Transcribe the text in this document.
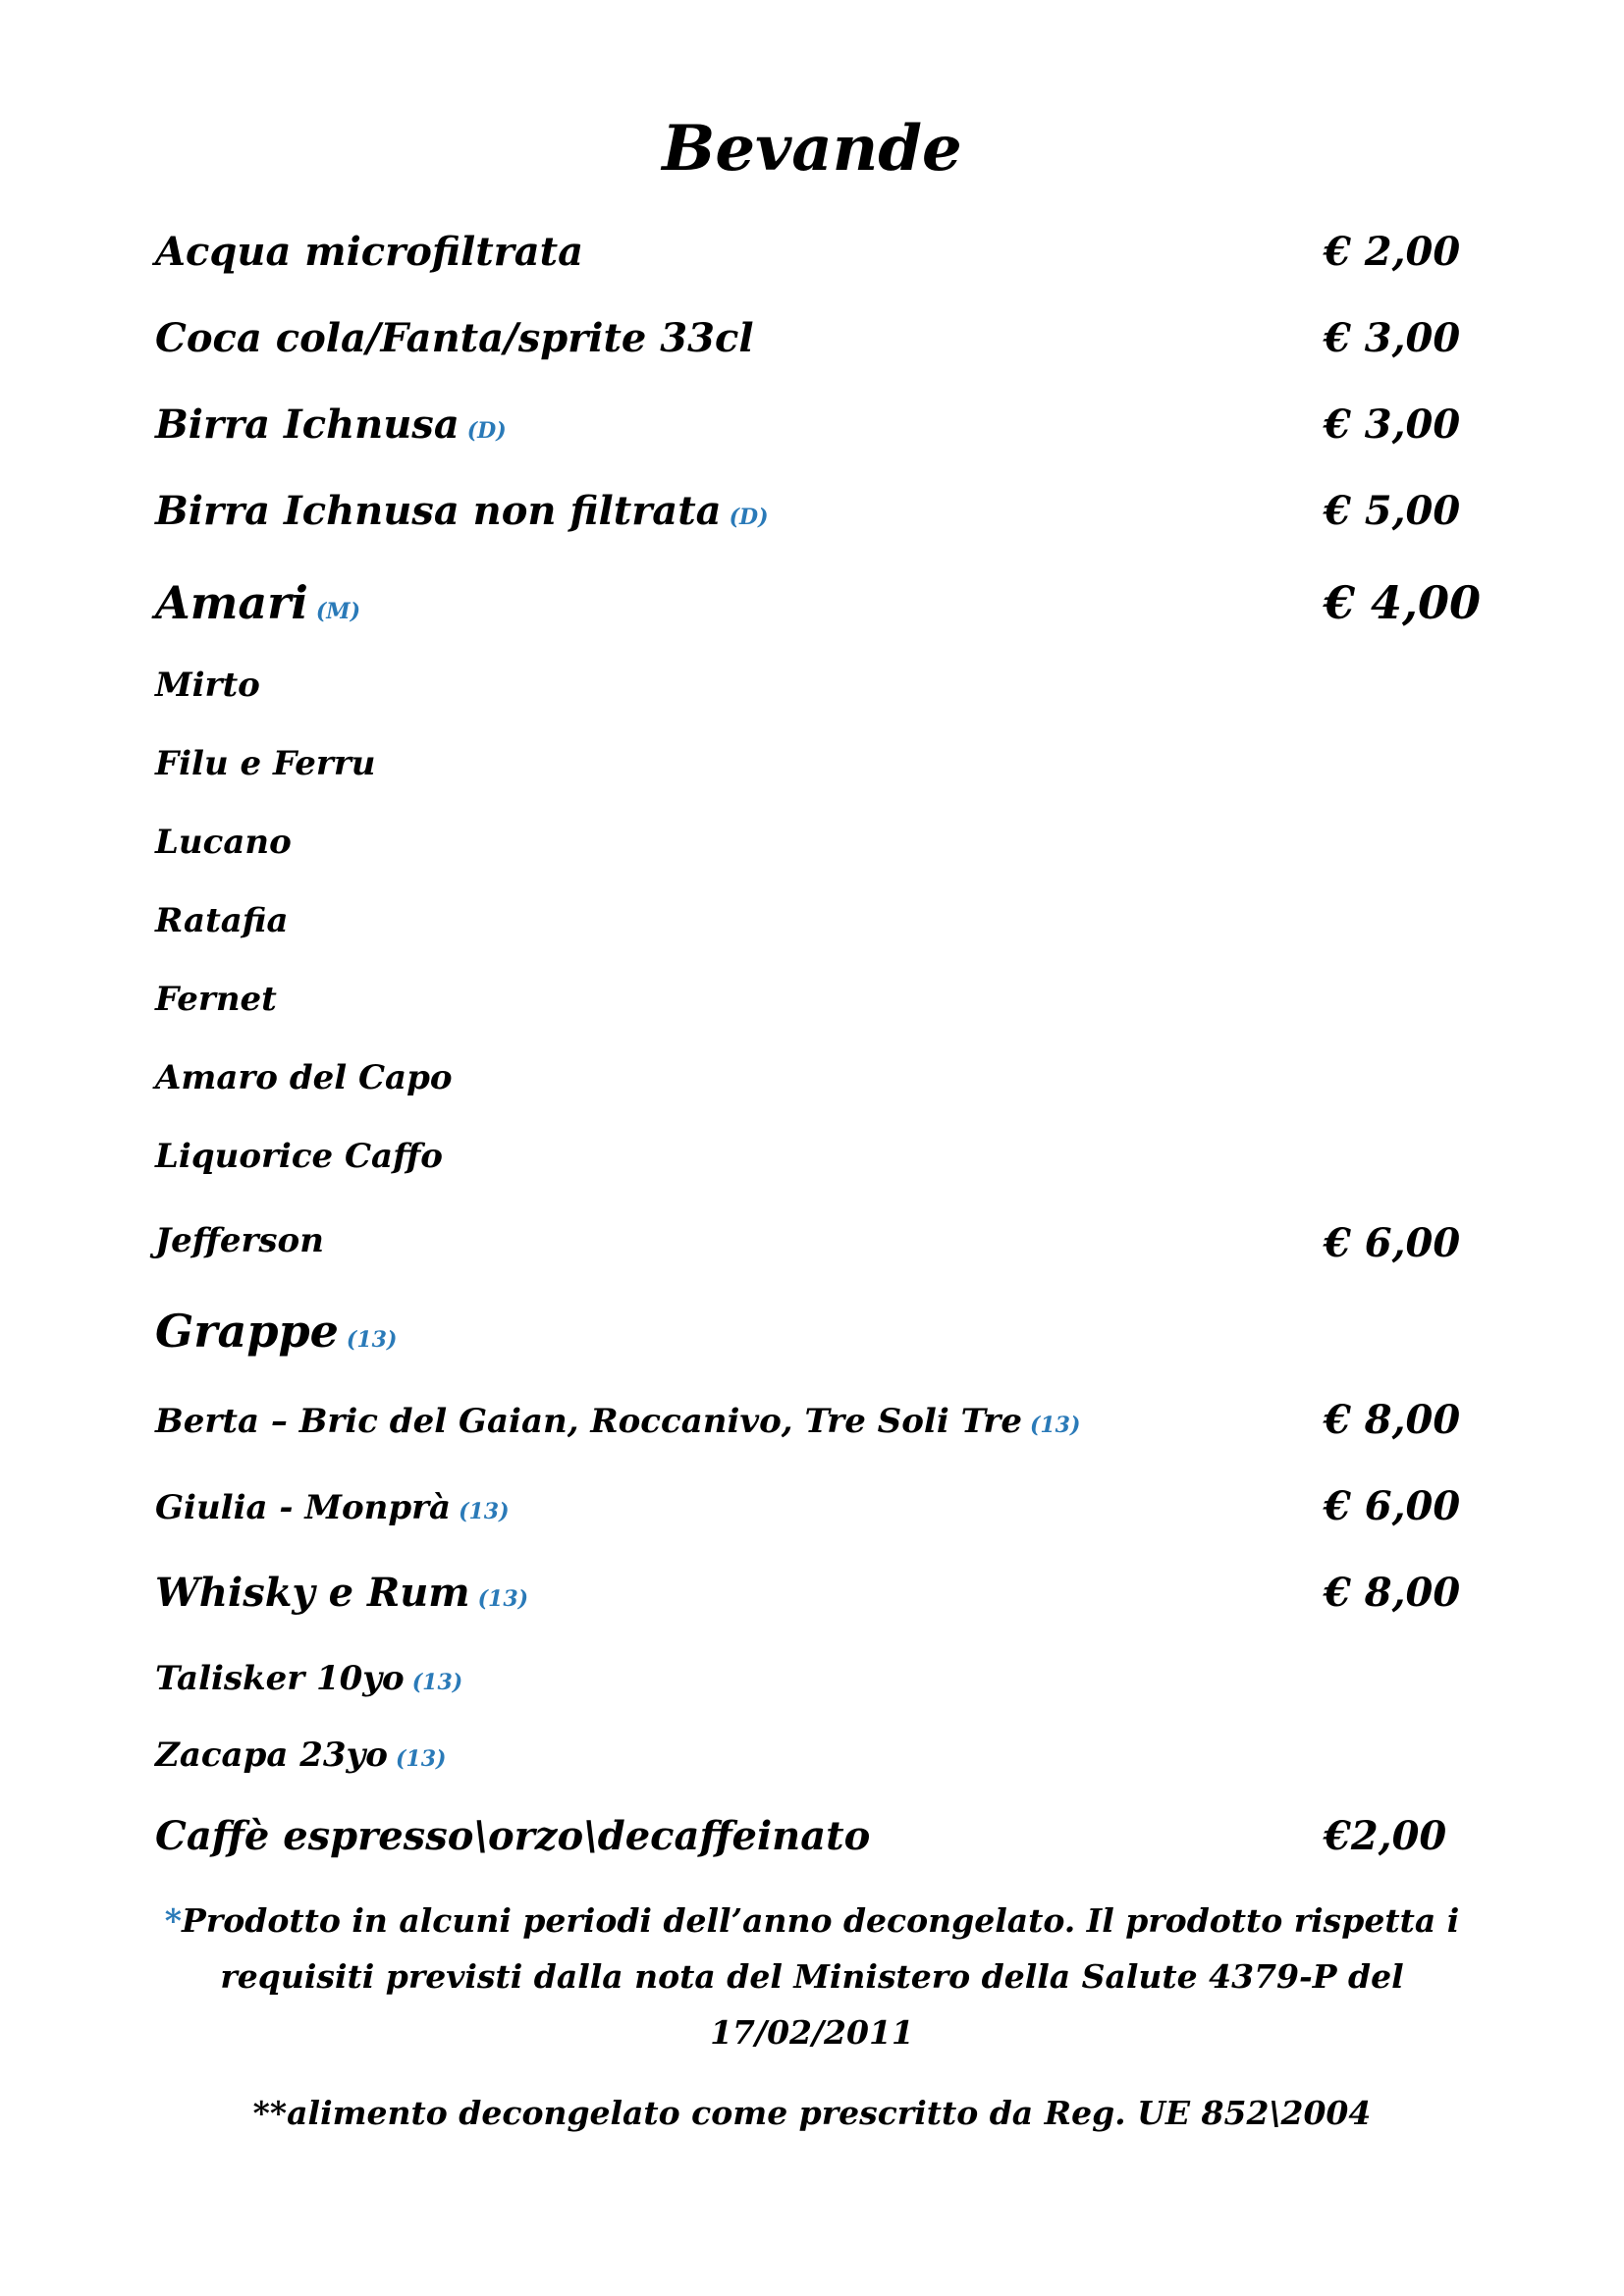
Bevande
Acqua microfiltrata	€ 2,00
Coca cola/Fanta/sprite 33cl	€ 3,00
Birra Ichnusa (D)	€ 3,00
Birra Ichnusa non filtrata (D)	€ 5,00
Amari (M)	€ 4,00
Mirto
Filu e Ferru
Lucano
Ratafia
Fernet
Amaro del Capo
Liquorice Caffo
Jefferson	€ 6,00
Grappe (13)
Berta – Bric del Gaian, Roccanivo, Tre Soli Tre (13)	€ 8,00
Giulia - Monprà (13)	€ 6,00
Whisky e Rum (13)	€ 8,00
Talisker 10yo (13)
Zacapa 23yo (13)
Caffè espresso\orzo\decaffeinato	€2,00
*Prodotto in alcuni periodi dell’anno decongelato. Il prodotto rispetta i
requisiti previsti dalla nota del Ministero della Salute 4379-P del
17/02/2011
**alimento decongelato come prescritto da Reg. UE 852\2004
